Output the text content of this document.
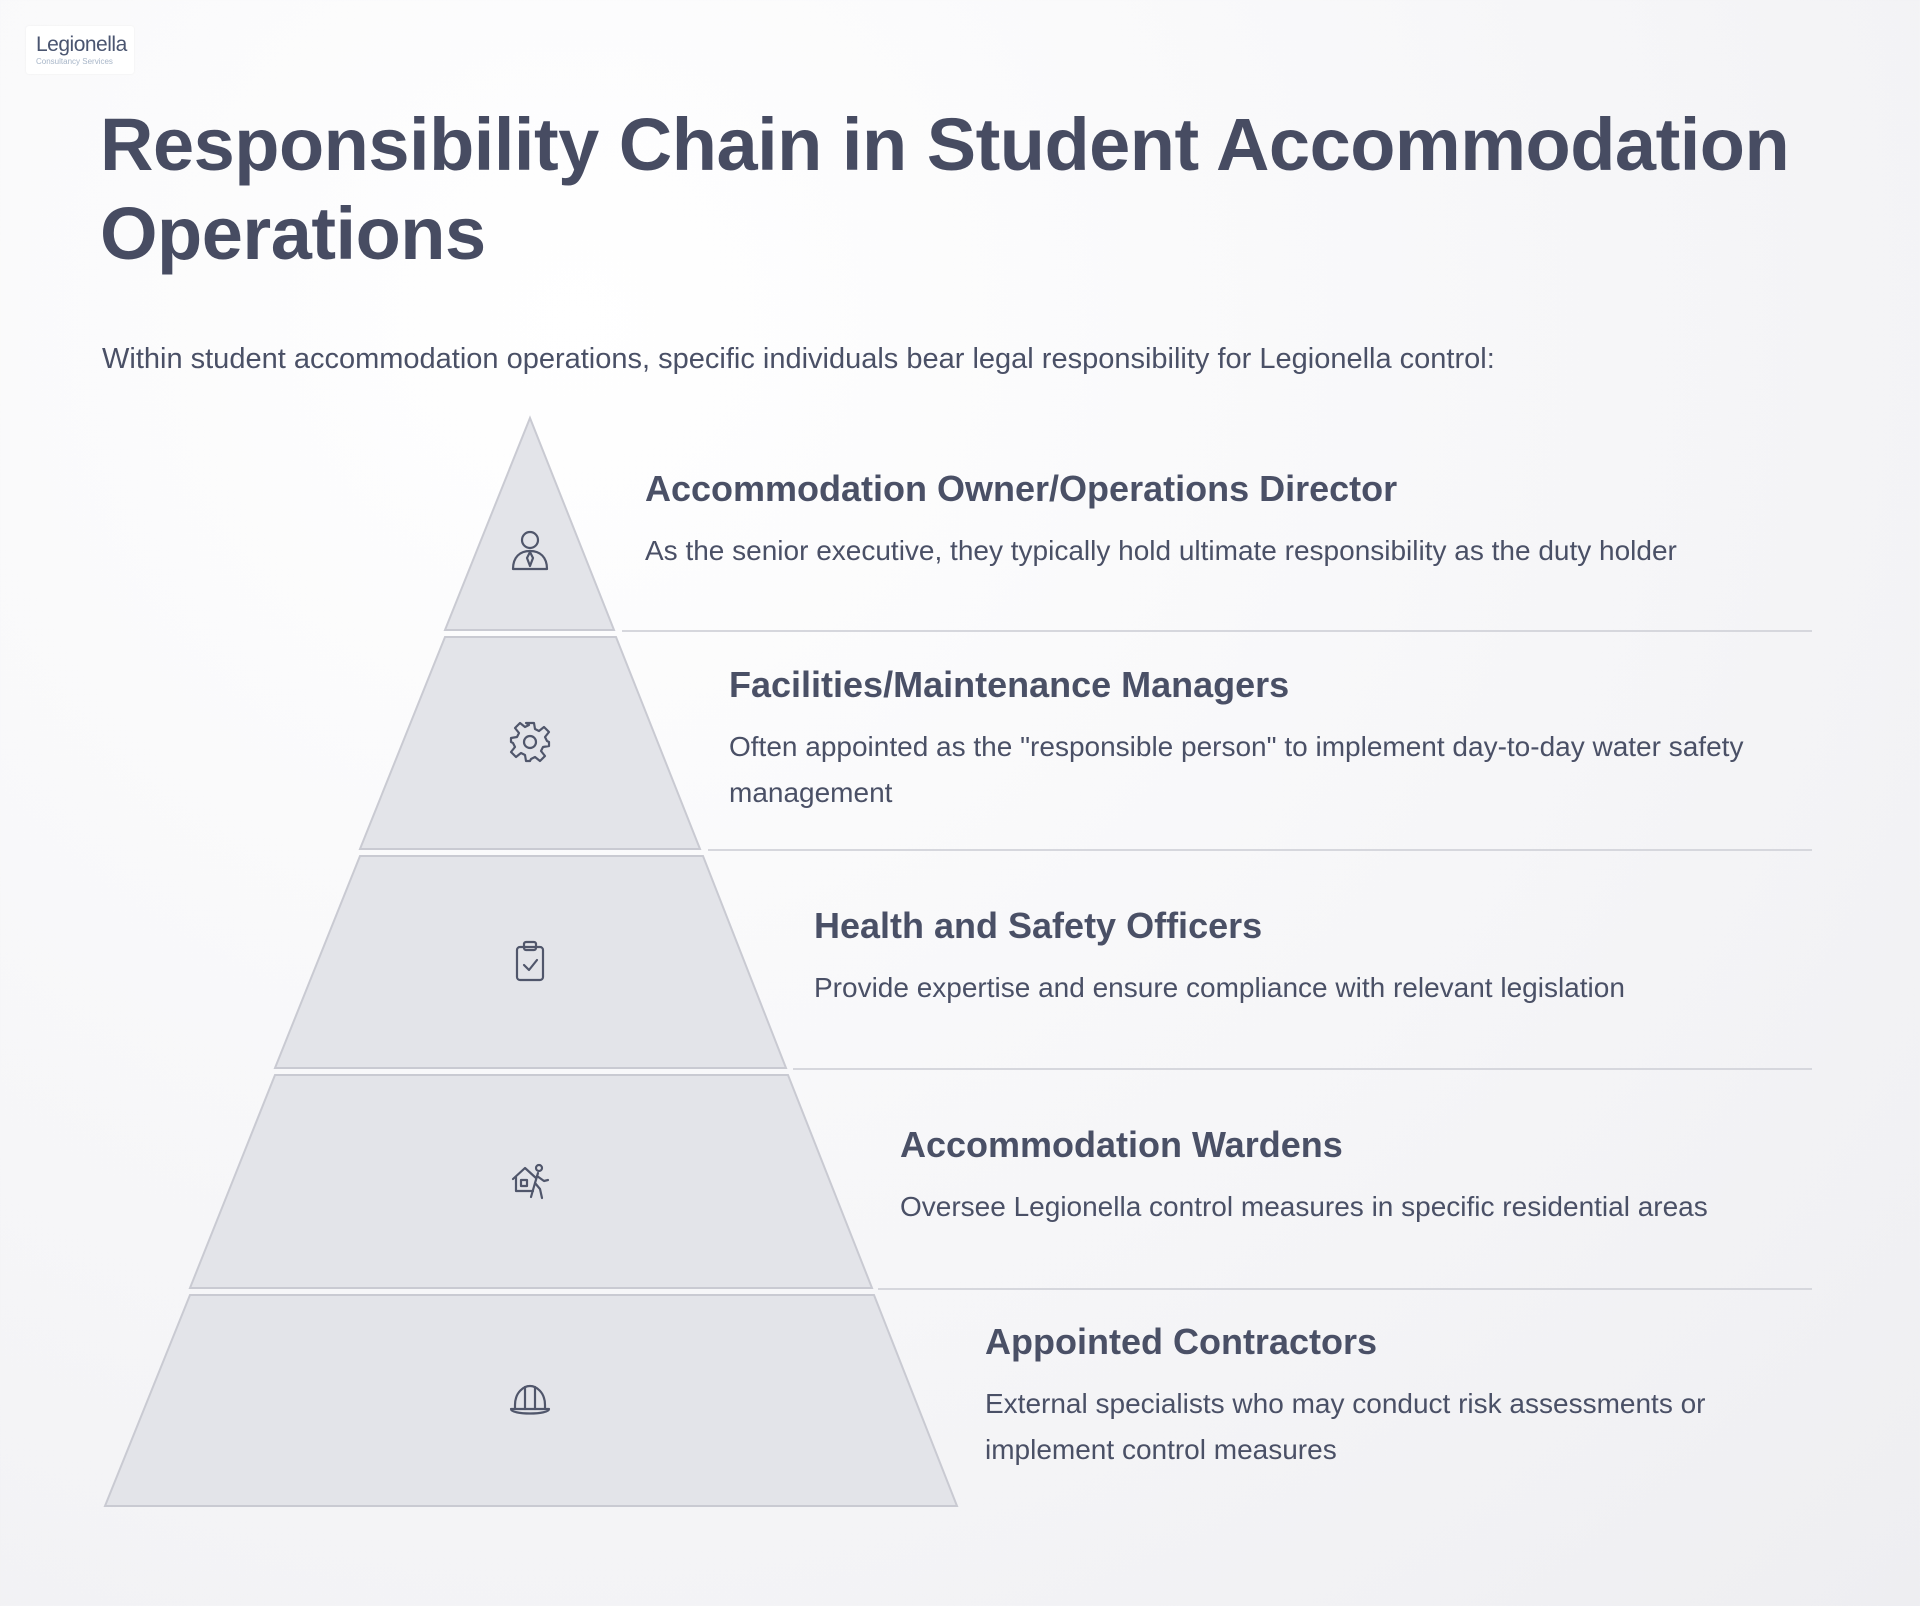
Legionella
Consultancy Services
Responsibility Chain in Student Accommodation Operations

Within student accommodation operations, specific individuals bear legal responsibility for Legionella control:

Accommodation Owner/Operations Director

As the senior executive, they typically hold ultimate responsibility as the duty holder

Facilities/Maintenance Managers

Often appointed as the "responsible person" to implement day-to-day water safety management

Health and Safety Officers

Provide expertise and ensure compliance with relevant legislation

Accommodation Wardens

Oversee Legionella control measures in specific residential areas

Appointed Contractors

External specialists who may conduct risk assessments or implement control measures
